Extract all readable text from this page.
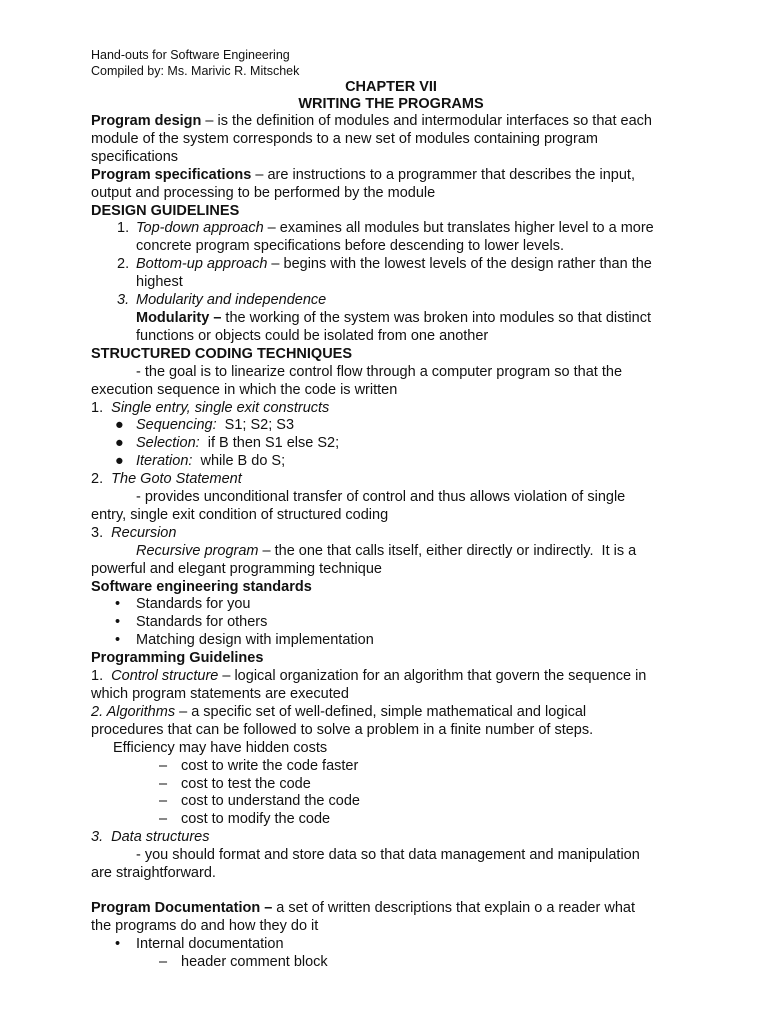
Hand-outs for Software Engineering
Compiled by: Ms. Marivic R. Mitschek
CHAPTER VII
WRITING THE PROGRAMS

Program design – is the definition of modules and intermodular interfaces so that each

module of the system corresponds to a new set of modules containing program

specifications

Program specifications – are instructions to a programmer that describes the input,

output and processing to be performed by the module

DESIGN GUIDELINES

1. Top-down approach – examines all modules but translates higher level to a more

concrete program specifications before descending to lower levels.

2. Bottom-up approach – begins with the lowest levels of the design rather than the

highest

3. Modularity and independence

Modularity – the working of the system was broken into modules so that distinct

functions or objects could be isolated from one another

STRUCTURED CODING TECHNIQUES

- the goal is to linearize control flow through a computer program so that the

execution sequence in which the code is written

1. Single entry, single exit constructs

● Sequencing:  S1; S2; S3

● Selection:  if B then S1 else S2;

● Iteration:  while B do S;

2. The Goto Statement

- provides unconditional transfer of control and thus allows violation of single

entry, single exit condition of structured coding

3. Recursion

Recursive program – the one that calls itself, either directly or indirectly.  It is a

powerful and elegant programming technique

Software engineering standards

• Standards for you

• Standards for others

• Matching design with implementation

Programming Guidelines

1. Control structure – logical organization for an algorithm that govern the sequence in

which program statements are executed

2. Algorithms – a specific set of well-defined, simple mathematical and logical

procedures that can be followed to solve a problem in a finite number of steps.

Efficiency may have hidden costs

– cost to write the code faster

– cost to test the code

– cost to understand the code

– cost to modify the code

3.  Data structures

- you should format and store data so that data management and manipulation

are straightforward.

Program Documentation – a set of written descriptions that explain o a reader what

the programs do and how they do it

• Internal documentation

– header comment block
